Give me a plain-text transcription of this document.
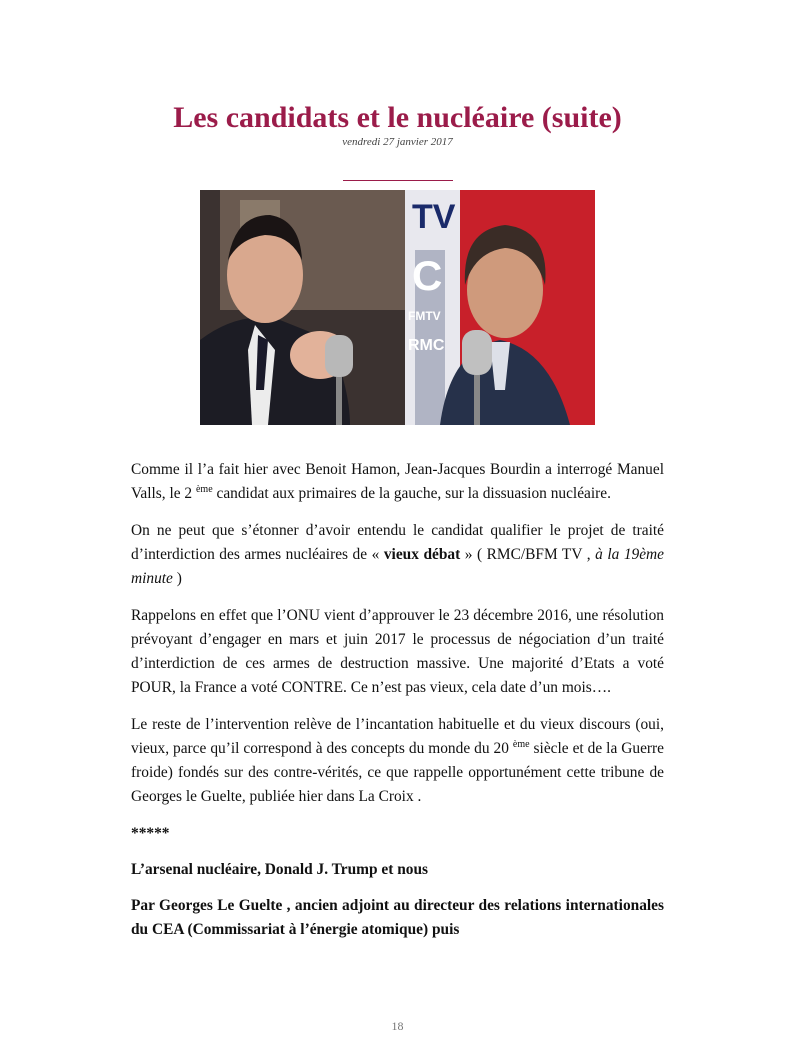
Les candidats et le nucléaire (suite)
vendredi 27 janvier 2017
TV
C
FMTV
RMC

Comme il l’a fait hier avec Benoit Hamon, Jean-Jacques Bourdin a interrogé Manuel Valls, le 2 $^{ème}$ candidat aux primaires de la gauche, sur la dissuasion nucléaire.

On ne peut que s’étonner d’avoir entendu le candidat qualifier le projet de traité d’interdiction des armes nucléaires de « vieux débat » ( RMC/BFM TV , à la 19ème minute )

Rappelons en effet que l’ONU vient d’approuver le 23 décembre 2016, une résolution prévoyant d’engager en mars et juin 2017 le processus de négociation d’un traité d’interdiction de ces armes de destruction massive. Une majorité d’Etats a voté POUR, la France a voté CONTRE. Ce n’est pas vieux, cela date d’un mois….

Le reste de l’intervention relève de l’incantation habituelle et du vieux discours (oui, vieux, parce qu’il correspond à des concepts du monde du 20 $^{ème}$ siècle et de la Guerre froide) fondés sur des contre-vérités, ce que rappelle opportunément cette tribune de Georges le Guelte, publiée hier dans La Croix .

*****

L’arsenal nucléaire, Donald J. Trump et nous

Par Georges Le Guelte , ancien adjoint au directeur des relations internationales du CEA (Commissariat à l’énergie atomique) puis

18
